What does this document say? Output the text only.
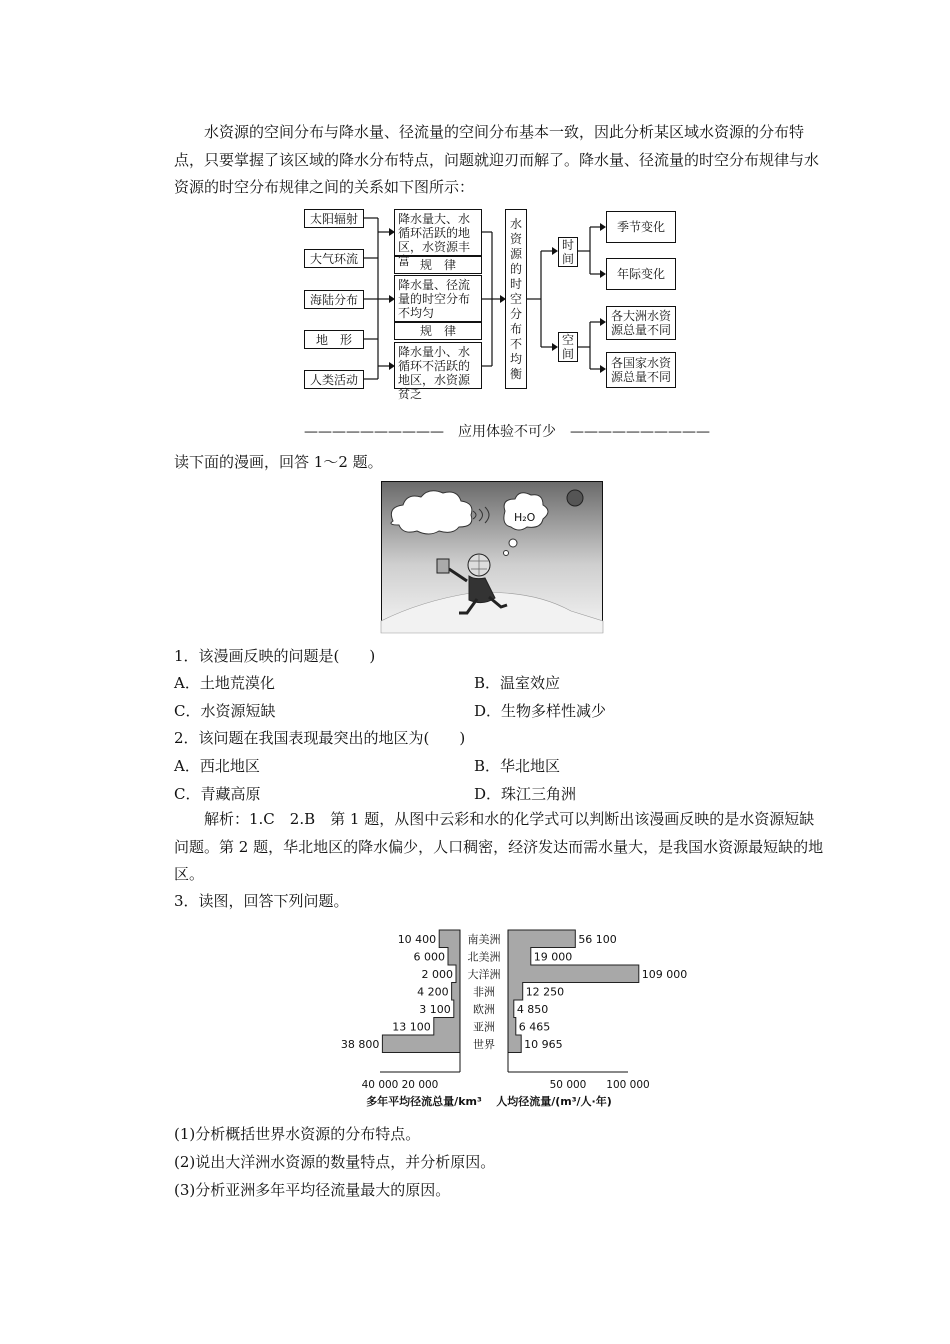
水资源的空间分布与降水量、径流量的空间分布基本一致，因此分析某区域水资源的分布特点，只要掌握了该区域的降水分布特点，问题就迎刃而解了。降水量、径流量的时空分布规律与水资源的时空分布规律之间的关系如下图所示：

太阳辐射
大气环流
海陆分布
地　形
人类活动
降水量大、水循环活跃的地区，水资源丰富 规　律
降水量、径流量的时空分布不均匀
规　律
降水量小、水循环不活跃的地区，水资源贫乏
水资源的时空分布不均衡
时间
空间
季节变化
年际变化
各大洲水资源总量不同
各国家水资源总量不同
——————————　应用体验不可少　——————————
读下面的漫画，回答 1～2 题。
H₂O
1．该漫画反映的问题是(　　)
A．土地荒漠化	B．温室效应
C．水资源短缺	D．生物多样性减少
2．该问题在我国表现最突出的地区为(　　)
A．西北地区	B．华北地区
C．青藏高原	D．珠江三角洲

解析：1.C　2.B　第 1 题，从图中云彩和水的化学式可以判断出该漫画反映的是水资源短缺问题。第 2 题，华北地区的降水偏少，人口稠密，经济发达而需水量大，是我国水资源最短缺的地区。

3．读图，回答下列问题。
南美洲
10 400	56 100
北美洲
6 000	19 000
大洋洲
2 000	109 000
非洲
4 200	12 250
欧洲
3 100	4 850
亚洲
13 100	6 465
世界
38 800	10 965
40 000 20 000	50 000 100 000
多年平均径流总量/km³ 人均径流量/(m³/人·年)
(1)分析概括世界水资源的分布特点。
(2)说出大洋洲水资源的数量特点，并分析原因。
(3)分析亚洲多年平均径流量最大的原因。
